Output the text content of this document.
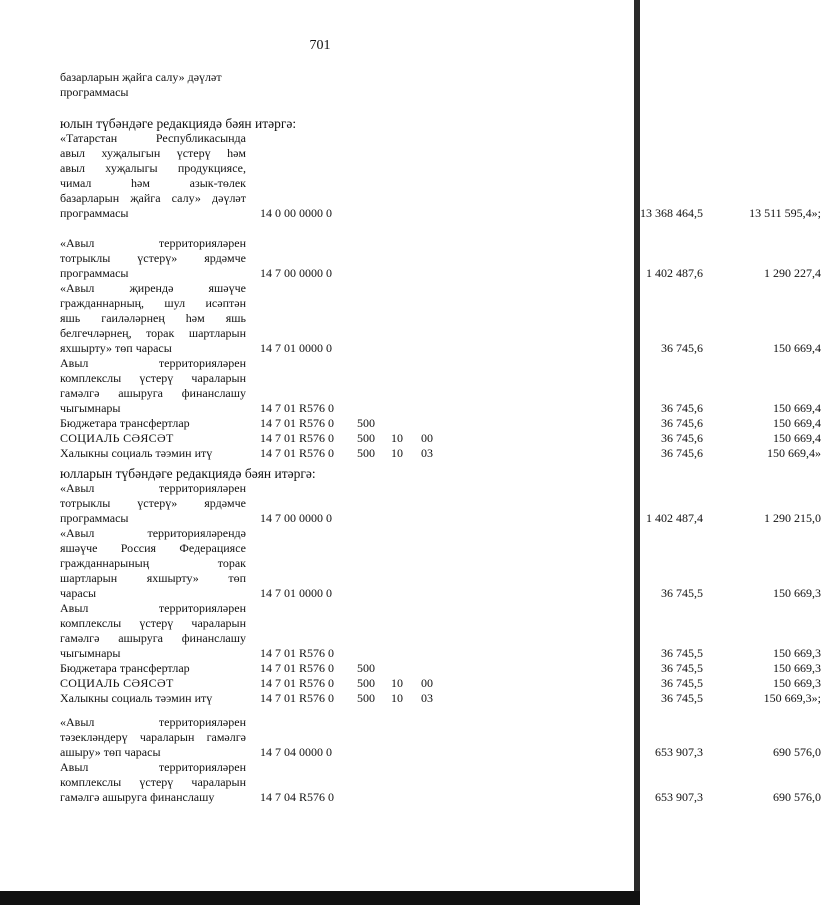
701
базарларын җайга салу» дәүләт
программасы
юлын түбәндәге редакциядә бәян итәргә:
«Татарстан Республикасында
авыл хуҗалыгын үстерү һәм
авыл хуҗалыгы продукциясе,
чимал һәм азык-төлек
базарларын җайга салу» дәүләт
программасы	14 0 00 0000 0	13 368 464,5	13 511 595,4»;
«Авыл территорияләрен
тотрыклы үстерү» ярдәмче
программасы	14 7 00 0000 0	1 402 487,6	1 290 227,4
«Авыл җирендә яшәүче
гражданнарның, шул исәптән
яшь гаиләләрнең һәм яшь
белгечләрнең, торак шартларын
яхшырту» төп чарасы	14 7 01 0000 0	36 745,6	150 669,4
Авыл территорияләрен
комплекслы үстерү чараларын
гамәлгә ашыруга финанслашу
чыгымнары	14 7 01 R576 0	36 745,6	150 669,4
Бюджетара трансфертлар	14 7 01 R576 0 500	36 745,6	150 669,4
СОЦИАЛЬ СӘЯСӘТ	14 7 01 R576 0 500 10 00	36 745,6	150 669,4
Халыкны социаль тәэмин итү	14 7 01 R576 0 500 10 03	36 745,6	150 669,4»
юлларын түбәндәге редакциядә бәян итәргә:
«Авыл территорияләрен
тотрыклы үстерү» ярдәмче
программасы	14 7 00 0000 0	1 402 487,4	1 290 215,0
«Авыл территорияләрендә
яшәүче Россия Федерациясе
гражданнарының торак
шартларын яхшырту» төп
чарасы	14 7 01 0000 0	36 745,5	150 669,3
Авыл территорияләрен
комплекслы үстерү чараларын
гамәлгә ашыруга финанслашу
чыгымнары	14 7 01 R576 0	36 745,5	150 669,3
Бюджетара трансфертлар	14 7 01 R576 0 500	36 745,5	150 669,3
СОЦИАЛЬ СӘЯСӘТ	14 7 01 R576 0 500 10 00	36 745,5	150 669,3
Халыкны социаль тәэмин итү	14 7 01 R576 0 500 10 03	36 745,5	150 669,3»;
«Авыл территорияләрен
тәзекләндерү чараларын гамәлгә
ашыру» төп чарасы	14 7 04 0000 0	653 907,3	690 576,0
Авыл территорияләрен
комплекслы үстерү чараларын
гамәлгә ашыруга финанслашу	14 7 04 R576 0	653 907,3	690 576,0
